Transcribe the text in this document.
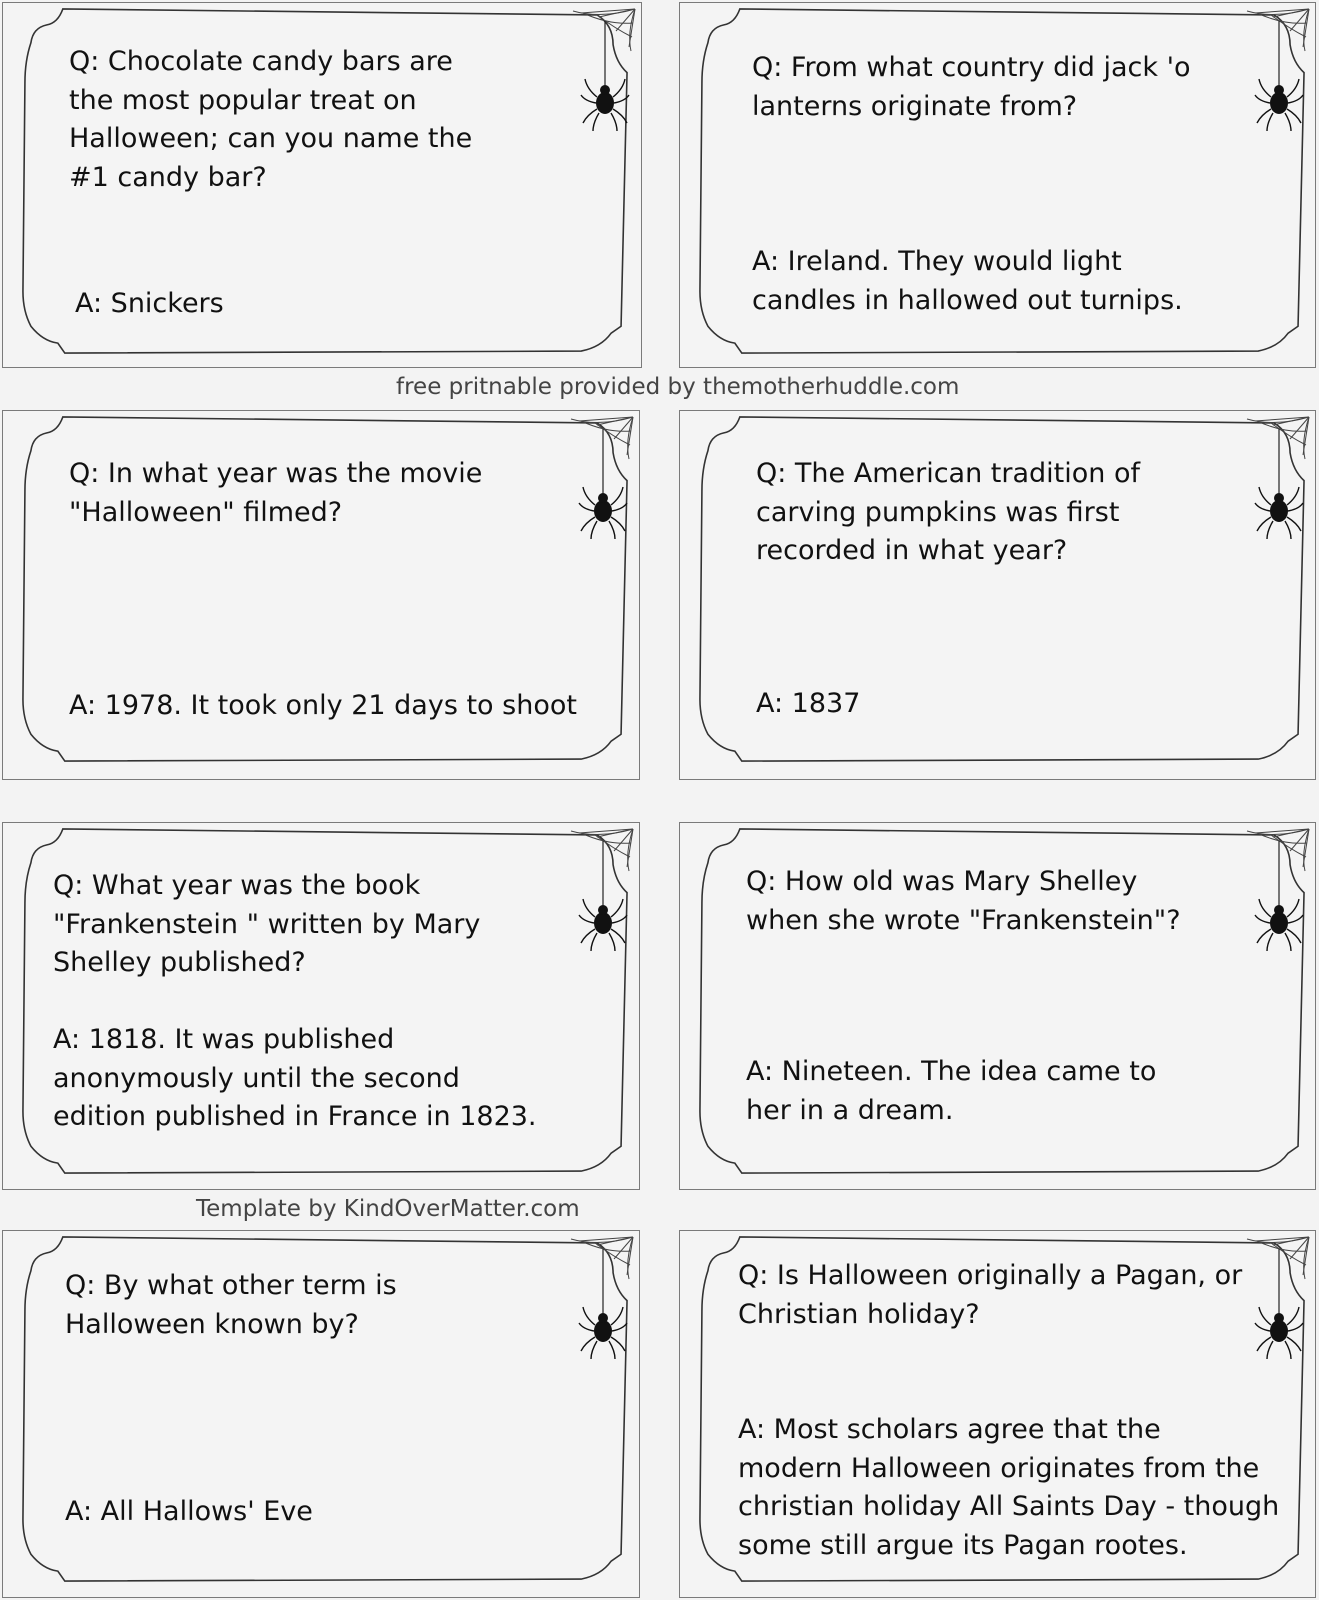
Q: Chocolate candy bars are
the most popular treat on
Halloween; can you name the
#1 candy bar?

A: Snickers

Q: From what country did jack 'o
lanterns originate from?

A: Ireland. They would light
candles in hallowed out turnips.

free pritnable provided by themotherhuddle.com

Q: In what year was the movie
"Halloween" filmed?

A: 1978. It took only 21 days to shoot

Q: The American tradition of
carving pumpkins was first
recorded in what year?

A: 1837

Q: What year was the book
"Frankenstein " written by Mary
Shelley published?

A: 1818. It was published
anonymously until the second
edition published in France in 1823.

Q: How old was Mary Shelley
when she wrote "Frankenstein"?

A: Nineteen. The idea came to
her in a dream.

Template by KindOverMatter.com

Q: By what other term is
Halloween known by?

A: All Hallows' Eve

Q: Is Halloween originally a Pagan, or
Christian holiday?

A: Most scholars agree that the
modern Halloween originates from the
christian holiday All Saints Day - though
some still argue its Pagan rootes.
